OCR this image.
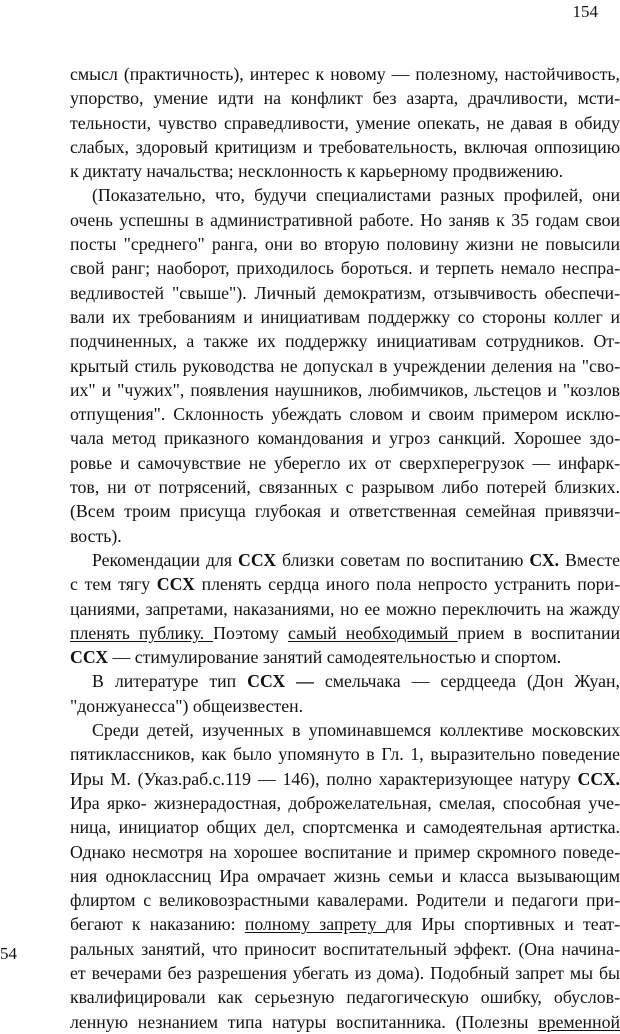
154
смысл (практичность), интерес к новому — полезному, настойчивость,
упорство, умение идти на конфликт без азарта, драчливости, мсти-
тельности, чувство справедливости, умение опекать, не давая в обиду
слабых, здоровый критицизм и требовательность, включая оппозицию
к диктату начальства; несклонность к карьерному продвижению.
(Показательно, что, будучи специалистами разных профилей, они
очень успешны в административной работе. Но заняв к 35 годам свои
посты "среднего" ранга, они во вторую половину жизни не повысили
свой ранг; наоборот, приходилось бороться. и терпеть немало неспра-
ведливостей "свыше"). Личный демократизм, отзывчивость обеспечи-
вали их требованиям и инициативам поддержку со стороны коллег и
подчиненных, а также их поддержку инициативам сотрудников. От-
крытый стиль руководства не допускал в учреждении деления на "сво-
их" и "чужих", появления наушников, любимчиков, льстецов и "козлов
отпущения". Склонность убеждать словом и своим примером исклю-
чала метод приказного командования и угроз санкций. Хорошее здо-
ровье и самочувствие не уберегло их от сверхперегрузок — инфарк-
тов, ни от потрясений, связанных с разрывом либо потерей близких.
(Всем троим присуща глубокая и ответственная семейная привязчи-
вость).
Рекомендации для ССХ близки советам по воспитанию СХ. Вместе
с тем тягу ССХ пленять сердца иного пола непросто устранить пори-
цаниями, запретами, наказаниями, но ее можно переключить на жажду
пленять публику. Поэтому самый необходимый прием в воспитании
ССХ — стимулирование занятий самодеятельностью и спортом.
В литературе тип ССХ — смельчака — сердцееда (Дон Жуан,
"донжуанесса") общеизвестен.
Среди детей, изученных в упоминавшемся коллективе московских
пятиклассников, как было упомянуто в Гл. 1, выразительно поведение
Иры М. (Указ.раб.с.119 — 146), полно характеризующее натуру ССХ.
Ира ярко- жизнерадостная, доброжелательная, смелая, способная уче-
ница, инициатор общих дел, спортсменка и самодеятельная артистка.
Однако несмотря на хорошее воспитание и пример скромного поведе-
ния одноклассниц Ира омрачает жизнь семьи и класса вызывающим
флиртом с великовозрастными кавалерами. Родители и педагоги при-
бегают к наказанию: полному запрету для Иры спортивных и теат-
ральных занятий, что приносит воспитательный эффект. (Она начина-
ет вечерами без разрешения убегать из дома). Подобный запрет мы бы
квалифицировали как серьезную педагогическую ошибку, обуслов-
ленную незнанием типа натуры воспитанника. (Полезны временной
54
